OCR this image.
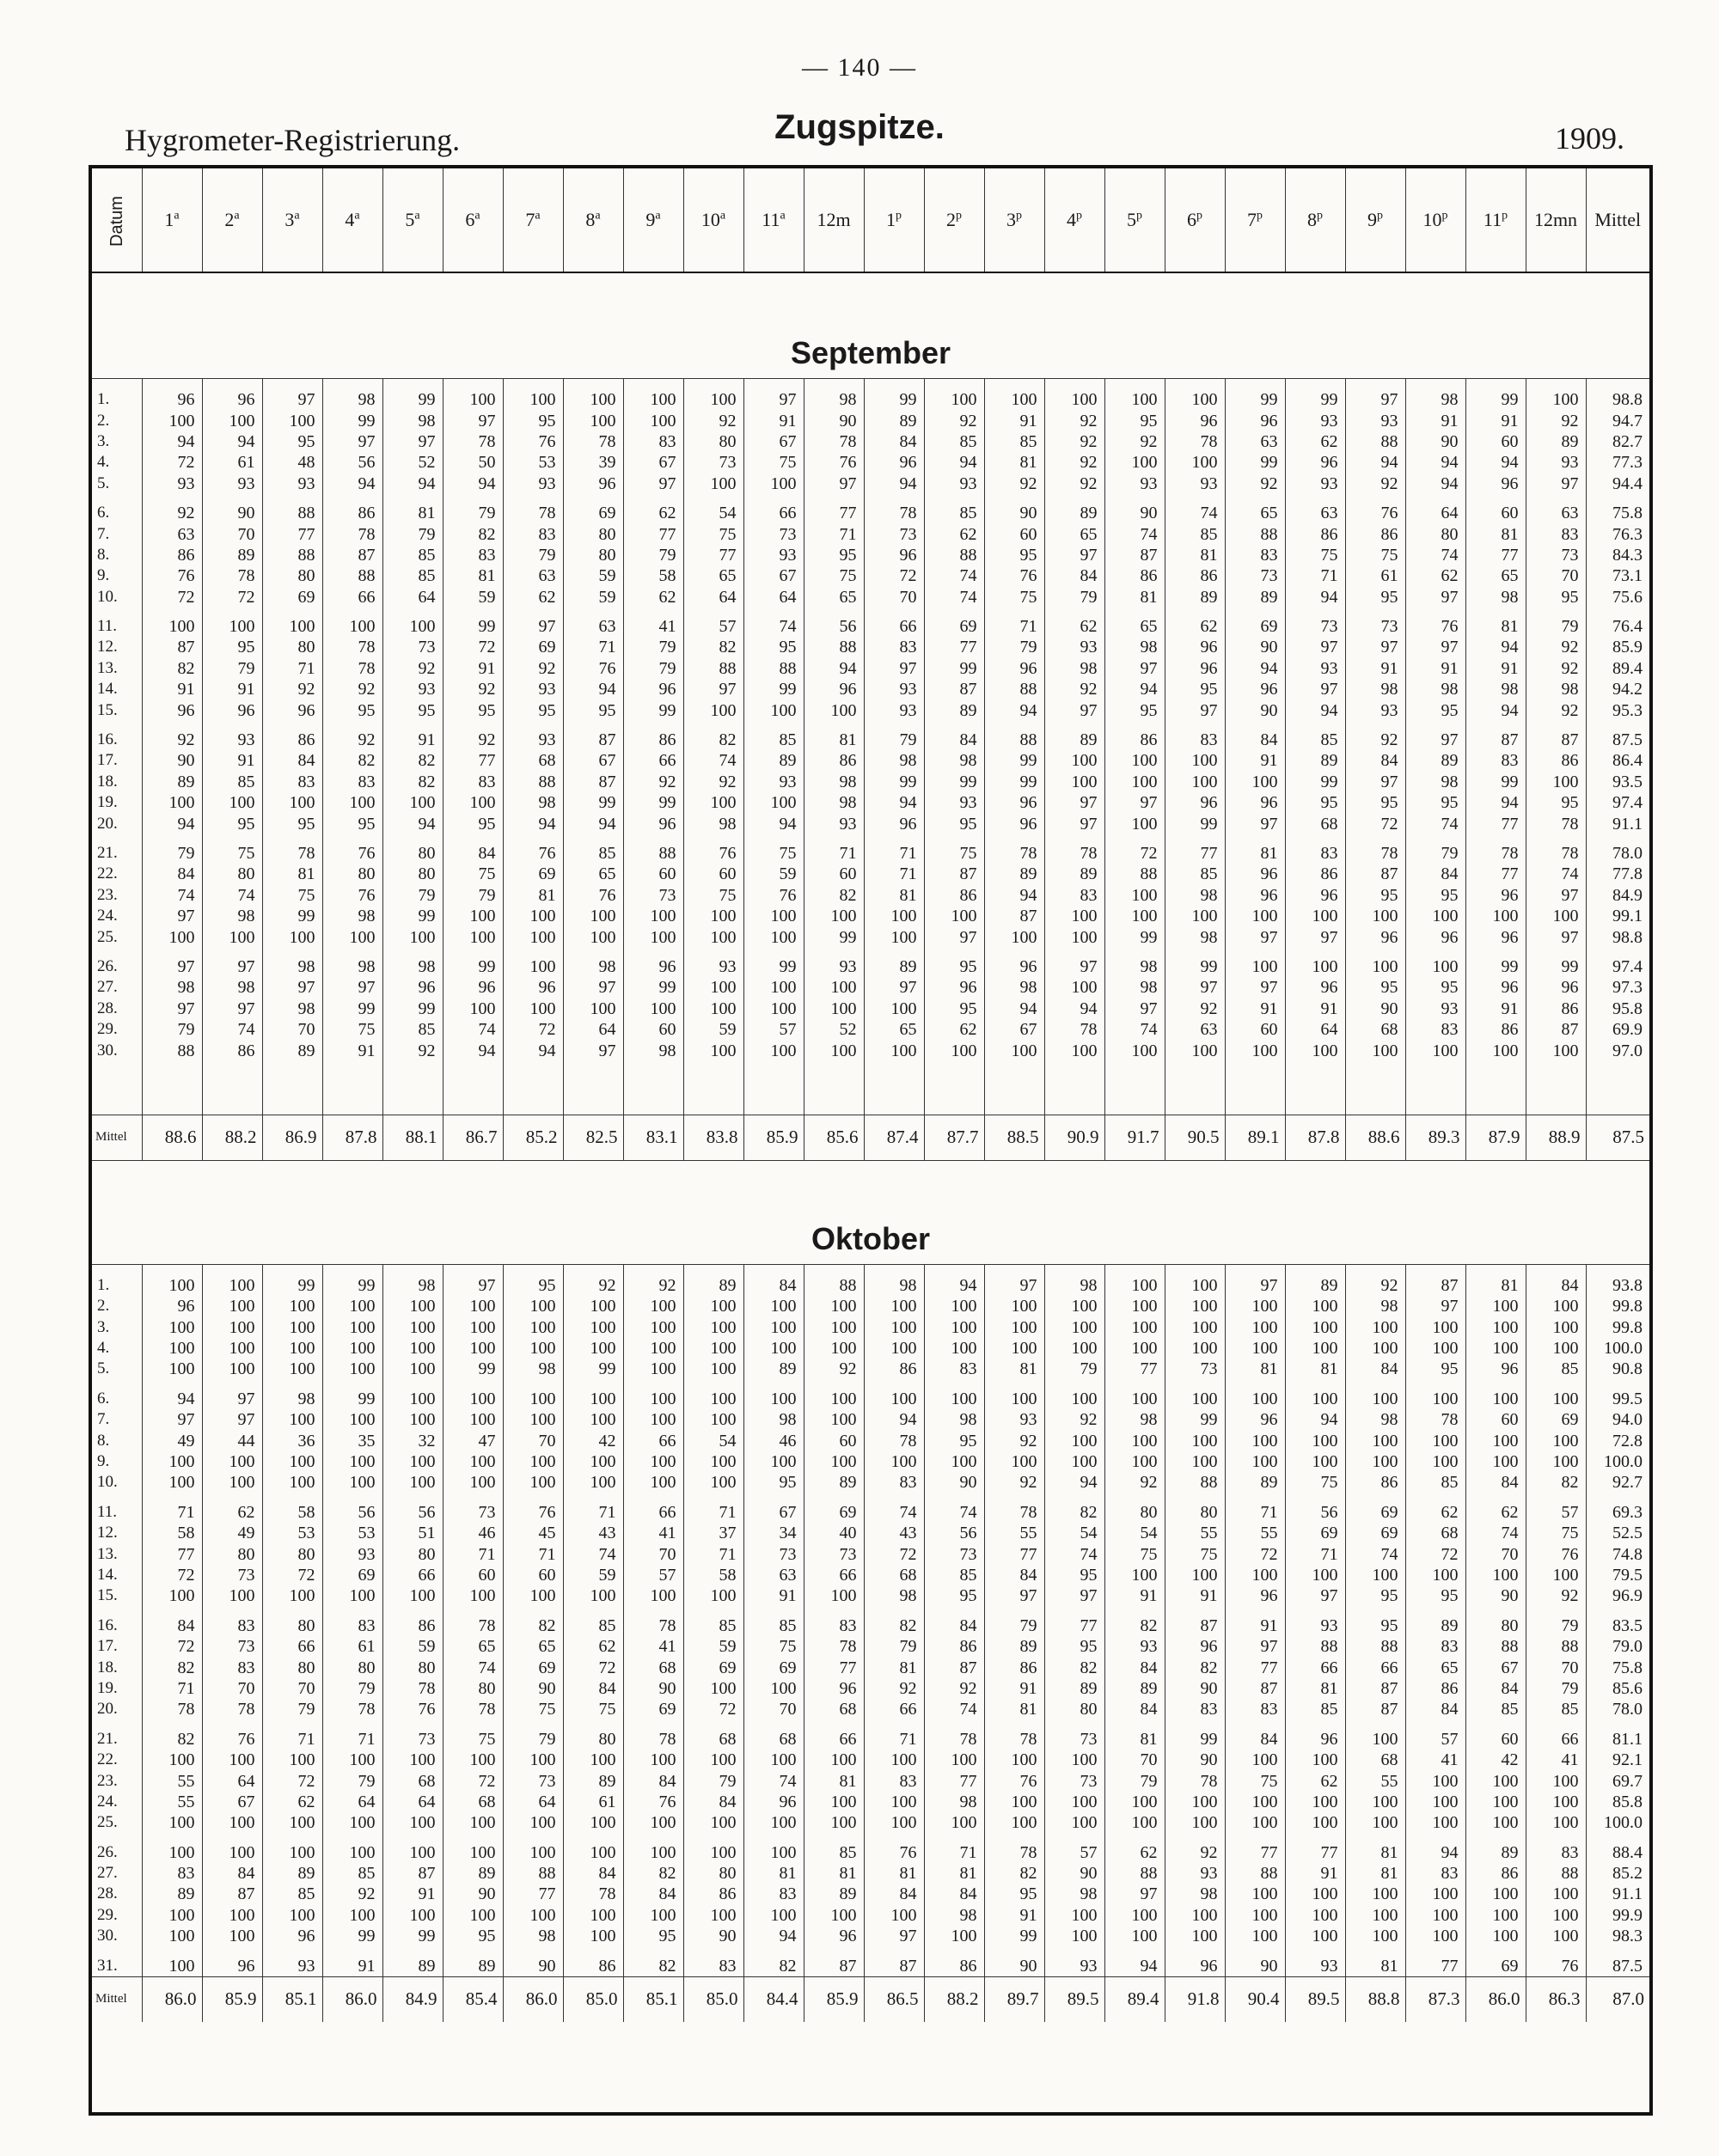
— 140 —
Hygrometer-Registrierung.	Zugspitze.	1909.
Datum	1$^a$	2$^a$	3$^a$	4$^a$	5$^a$	6$^a$	7$^a$	8$^a$	9$^a$	10$^a$	11$^a$	12m	1$^p$	2$^p$	3$^p$	4$^p$	5$^p$	6$^p$	7$^p$	8$^p$	9$^p$	10$^p$	11$^p$	12mn	Mittel
September																									

1.	96	96	97	98	99	100	100	100	100	100	97	98	99	100	100	100	100	100	99	99	97	98	99	100	98.8
2.	100	100	100	99	98	97	95	100	100	92	91	90	89	92	91	92	95	96	96	93	93	91	91	92	94.7
3.	94	94	95	97	97	78	76	78	83	80	67	78	84	85	85	92	92	78	63	62	88	90	60	89	82.7
4.	72	61	48	56	52	50	53	39	67	73	75	76	96	94	81	92	100	100	99	96	94	94	94	93	77.3
5.	93	93	93	94	94	94	93	96	97	100	100	97	94	93	92	92	93	93	92	93	92	94	96	97	94.4
6.	92	90	88	86	81	79	78	69	62	54	66	77	78	85	90	89	90	74	65	63	76	64	60	63	75.8
7.	63	70	77	78	79	82	83	80	77	75	73	71	73	62	60	65	74	85	88	86	86	80	81	83	76.3
8.	86	89	88	87	85	83	79	80	79	77	93	95	96	88	95	97	87	81	83	75	75	74	77	73	84.3
9.	76	78	80	88	85	81	63	59	58	65	67	75	72	74	76	84	86	86	73	71	61	62	65	70	73.1
10.	72	72	69	66	64	59	62	59	62	64	64	65	70	74	75	79	81	89	89	94	95	97	98	95	75.6
11.	100	100	100	100	100	99	97	63	41	57	74	56	66	69	71	62	65	62	69	73	73	76	81	79	76.4
12.	87	95	80	78	73	72	69	71	79	82	95	88	83	77	79	93	98	96	90	97	97	97	94	92	85.9
13.	82	79	71	78	92	91	92	76	79	88	88	94	97	99	96	98	97	96	94	93	91	91	91	92	89.4
14.	91	91	92	92	93	92	93	94	96	97	99	96	93	87	88	92	94	95	96	97	98	98	98	98	94.2
15.	96	96	96	95	95	95	95	95	99	100	100	100	93	89	94	97	95	97	90	94	93	95	94	92	95.3
16.	92	93	86	92	91	92	93	87	86	82	85	81	79	84	88	89	86	83	84	85	92	97	87	87	87.5
17.	90	91	84	82	82	77	68	67	66	74	89	86	98	98	99	100	100	100	91	89	84	89	83	86	86.4
18.	89	85	83	83	82	83	88	87	92	92	93	98	99	99	99	100	100	100	100	99	97	98	99	100	93.5
19.	100	100	100	100	100	100	98	99	99	100	100	98	94	93	96	97	97	96	96	95	95	95	94	95	97.4
20.	94	95	95	95	94	95	94	94	96	98	94	93	96	95	96	97	100	99	97	68	72	74	77	78	91.1
21.	79	75	78	76	80	84	76	85	88	76	75	71	71	75	78	78	72	77	81	83	78	79	78	78	78.0
22.	84	80	81	80	80	75	69	65	60	60	59	60	71	87	89	89	88	85	96	86	87	84	77	74	77.8
23.	74	74	75	76	79	79	81	76	73	75	76	82	81	86	94	83	100	98	96	96	95	95	96	97	84.9
24.	97	98	99	98	99	100	100	100	100	100	100	100	100	100	87	100	100	100	100	100	100	100	100	100	99.1
25.	100	100	100	100	100	100	100	100	100	100	100	99	100	97	100	100	99	98	97	97	96	96	96	97	98.8
26.	97	97	98	98	98	99	100	98	96	93	99	93	89	95	96	97	98	99	100	100	100	100	99	99	97.4
27.	98	98	97	97	96	96	96	97	99	100	100	100	97	96	98	100	98	97	97	96	95	95	96	96	97.3
28.	97	97	98	99	99	100	100	100	100	100	100	100	100	95	94	94	97	92	91	91	90	93	91	86	95.8
29.	79	74	70	75	85	74	72	64	60	59	57	52	65	62	67	78	74	63	60	64	68	83	86	87	69.9
30.	88	86	89	91	92	94	94	97	98	100	100	100	100	100	100	100	100	100	100	100	100	100	100	100	97.0

Mittel	88.6	88.2	86.9	87.8	88.1	86.7	85.2	82.5	83.1	83.8	85.9	85.6	87.4	87.7	88.5	90.9	91.7	90.5	89.1	87.8	88.6	89.3	87.9	88.9	87.5
Oktober																									

1.	100	100	99	99	98	97	95	92	92	89	84	88	98	94	97	98	100	100	97	89	92	87	81	84	93.8
2.	96	100	100	100	100	100	100	100	100	100	100	100	100	100	100	100	100	100	100	100	98	97	100	100	99.8
3.	100	100	100	100	100	100	100	100	100	100	100	100	100	100	100	100	100	100	100	100	100	100	100	100	99.8
4.	100	100	100	100	100	100	100	100	100	100	100	100	100	100	100	100	100	100	100	100	100	100	100	100	100.0
5.	100	100	100	100	100	99	98	99	100	100	89	92	86	83	81	79	77	73	81	81	84	95	96	85	90.8
6.	94	97	98	99	100	100	100	100	100	100	100	100	100	100	100	100	100	100	100	100	100	100	100	100	99.5
7.	97	97	100	100	100	100	100	100	100	100	98	100	94	98	93	92	98	99	96	94	98	78	60	69	94.0
8.	49	44	36	35	32	47	70	42	66	54	46	60	78	95	92	100	100	100	100	100	100	100	100	100	72.8
9.	100	100	100	100	100	100	100	100	100	100	100	100	100	100	100	100	100	100	100	100	100	100	100	100	100.0
10.	100	100	100	100	100	100	100	100	100	100	95	89	83	90	92	94	92	88	89	75	86	85	84	82	92.7
11.	71	62	58	56	56	73	76	71	66	71	67	69	74	74	78	82	80	80	71	56	69	62	62	57	69.3
12.	58	49	53	53	51	46	45	43	41	37	34	40	43	56	55	54	54	55	55	69	69	68	74	75	52.5
13.	77	80	80	93	80	71	71	74	70	71	73	73	72	73	77	74	75	75	72	71	74	72	70	76	74.8
14.	72	73	72	69	66	60	60	59	57	58	63	66	68	85	84	95	100	100	100	100	100	100	100	100	79.5
15.	100	100	100	100	100	100	100	100	100	100	91	100	98	95	97	97	91	91	96	97	95	95	90	92	96.9
16.	84	83	80	83	86	78	82	85	78	85	85	83	82	84	79	77	82	87	91	93	95	89	80	79	83.5
17.	72	73	66	61	59	65	65	62	41	59	75	78	79	86	89	95	93	96	97	88	88	83	88	88	79.0
18.	82	83	80	80	80	74	69	72	68	69	69	77	81	87	86	82	84	82	77	66	66	65	67	70	75.8
19.	71	70	70	79	78	80	90	84	90	100	100	96	92	92	91	89	89	90	87	81	87	86	84	79	85.6
20.	78	78	79	78	76	78	75	75	69	72	70	68	66	74	81	80	84	83	83	85	87	84	85	85	78.0
21.	82	76	71	71	73	75	79	80	78	68	68	66	71	78	78	73	81	99	84	96	100	57	60	66	81.1
22.	100	100	100	100	100	100	100	100	100	100	100	100	100	100	100	100	70	90	100	100	68	41	42	41	92.1
23.	55	64	72	79	68	72	73	89	84	79	74	81	83	77	76	73	79	78	75	62	55	100	100	100	69.7
24.	55	67	62	64	64	68	64	61	76	84	96	100	100	98	100	100	100	100	100	100	100	100	100	100	85.8
25.	100	100	100	100	100	100	100	100	100	100	100	100	100	100	100	100	100	100	100	100	100	100	100	100	100.0
26.	100	100	100	100	100	100	100	100	100	100	100	85	76	71	78	57	62	92	77	77	81	94	89	83	88.4
27.	83	84	89	85	87	89	88	84	82	80	81	81	81	81	82	90	88	93	88	91	81	83	86	88	85.2
28.	89	87	85	92	91	90	77	78	84	86	83	89	84	84	95	98	97	98	100	100	100	100	100	100	91.1
29.	100	100	100	100	100	100	100	100	100	100	100	100	100	98	91	100	100	100	100	100	100	100	100	100	99.9
30.	100	100	96	99	99	95	98	100	95	90	94	96	97	100	99	100	100	100	100	100	100	100	100	100	98.3
31.	100	96	93	91	89	89	90	86	82	83	82	87	87	86	90	93	94	96	90	93	81	77	69	76	87.5
Mittel	86.0	85.9	85.1	86.0	84.9	85.4	86.0	85.0	85.1	85.0	84.4	85.9	86.5	88.2	89.7	89.5	89.4	91.8	90.4	89.5	88.8	87.3	86.0	86.3	87.0
